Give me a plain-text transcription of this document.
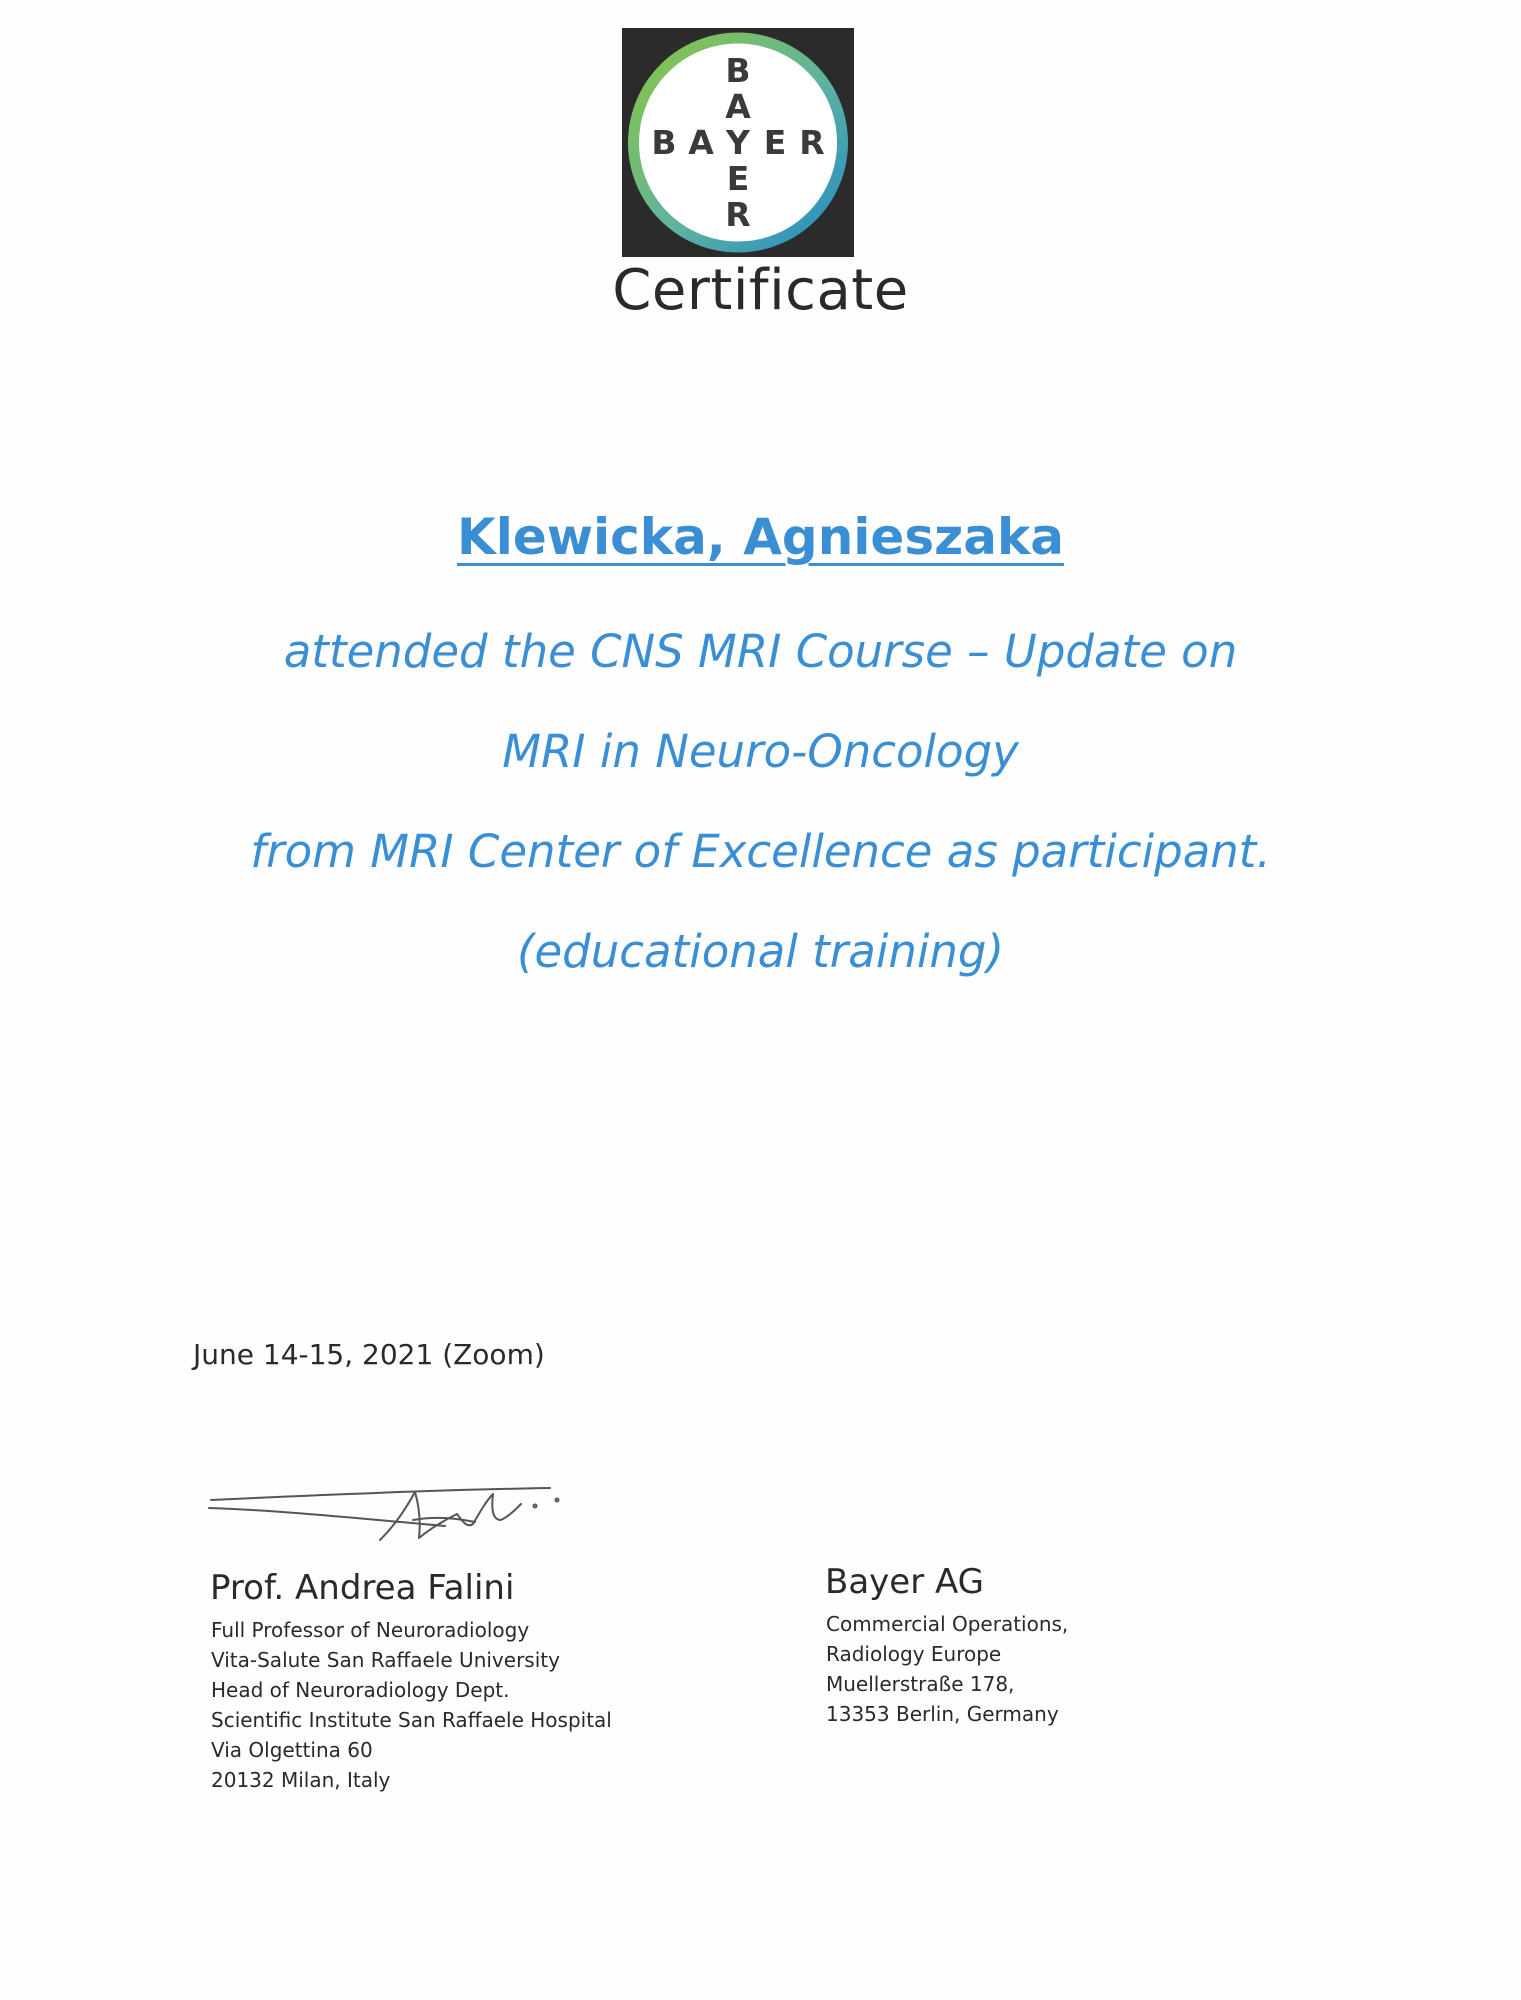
B
A
Y
E
R
B A E R
Certificate
Klewicka, Agnieszaka
attended the CNS MRI Course – Update on
MRI in Neuro-Oncology
from MRI Center of Excellence as participant.
(educational training)
June 14-15, 2021 (Zoom)
Prof. Andrea Falini
Full Professor of Neuroradiology
Vita-Salute San Raffaele University
Head of Neuroradiology Dept.
Scientific Institute San Raffaele Hospital
Via Olgettina 60
20132 Milan, Italy
Bayer AG
Commercial Operations,
Radiology Europe
Muellerstraße 178,
13353 Berlin, Germany
